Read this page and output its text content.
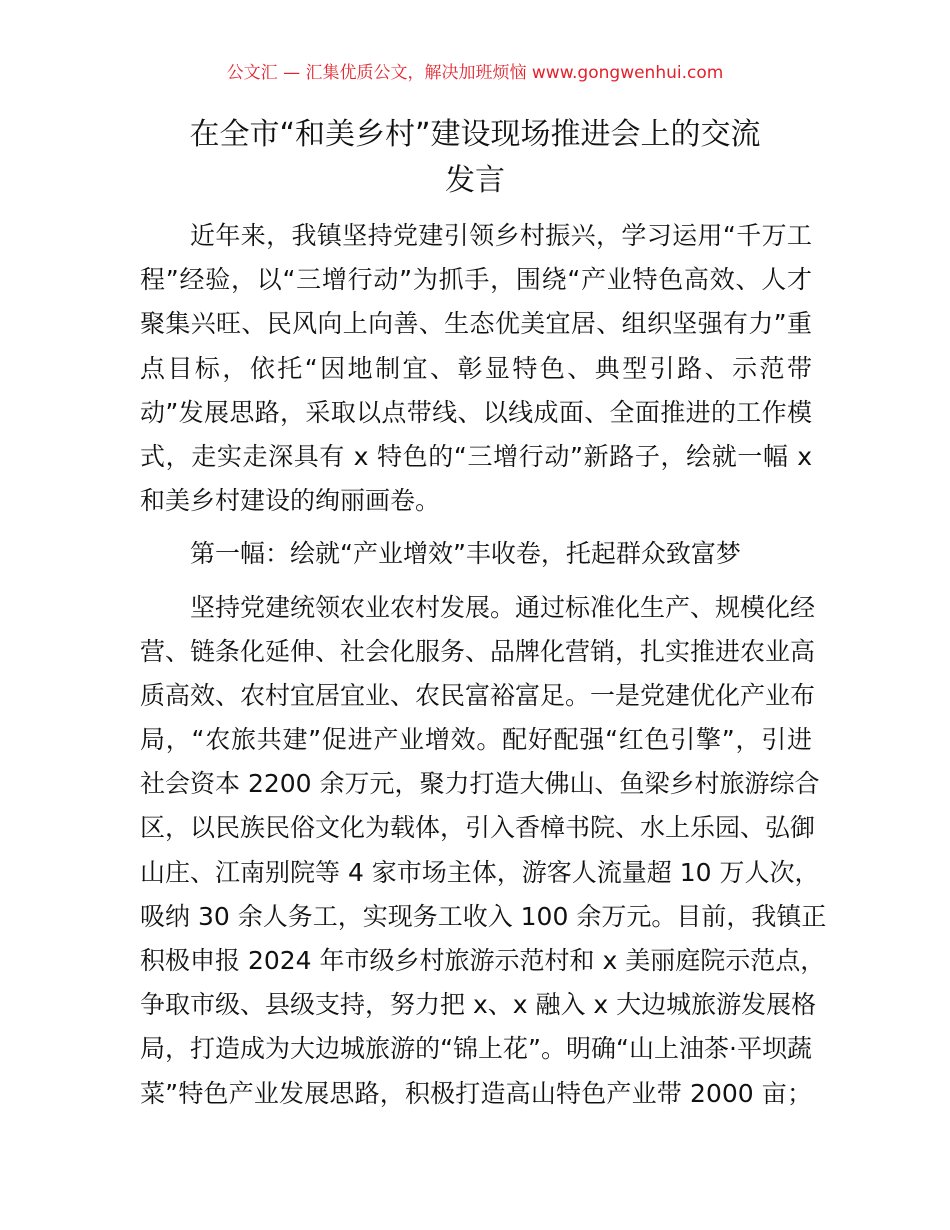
公文汇 — 汇集优质公文，解决加班烦恼 www.gongwenhui.com
在全市“和美乡村”建设现场推进会上的交流
发言
近年来，我镇坚持党建引领乡村振兴，学习运用“千万工
程”经验，以“三增行动”为抓手，围绕“产业特色高效、人才
聚集兴旺、民风向上向善、生态优美宜居、组织坚强有力”重
点目标，依托“因地制宜、彰显特色、典型引路、示范带
动”发展思路，采取以点带线、以线成面、全面推进的工作模
式，走实走深具有 x 特色的“三增行动”新路子，绘就一幅 x
和美乡村建设的绚丽画卷。
第一幅：绘就“产业增效”丰收卷，托起群众致富梦
坚持党建统领农业农村发展。通过标准化生产、规模化经
营、链条化延伸、社会化服务、品牌化营销，扎实推进农业高
质高效、农村宜居宜业、农民富裕富足。一是党建优化产业布
局，“农旅共建”促进产业增效。配好配强“红色引擎”，引进
社会资本 2200 余万元，聚力打造大佛山、鱼梁乡村旅游综合
区，以民族民俗文化为载体，引入香樟书院、水上乐园、弘御
山庄、江南别院等 4 家市场主体，游客人流量超 10 万人次，
吸纳 30 余人务工，实现务工收入 100 余万元。目前，我镇正
积极申报 2024 年市级乡村旅游示范村和 x 美丽庭院示范点，
争取市级、县级支持，努力把 x、x 融入 x 大边城旅游发展格
局，打造成为大边城旅游的“锦上花”。明确“山上油茶·平坝蔬
菜”特色产业发展思路，积极打造高山特色产业带 2000 亩；
